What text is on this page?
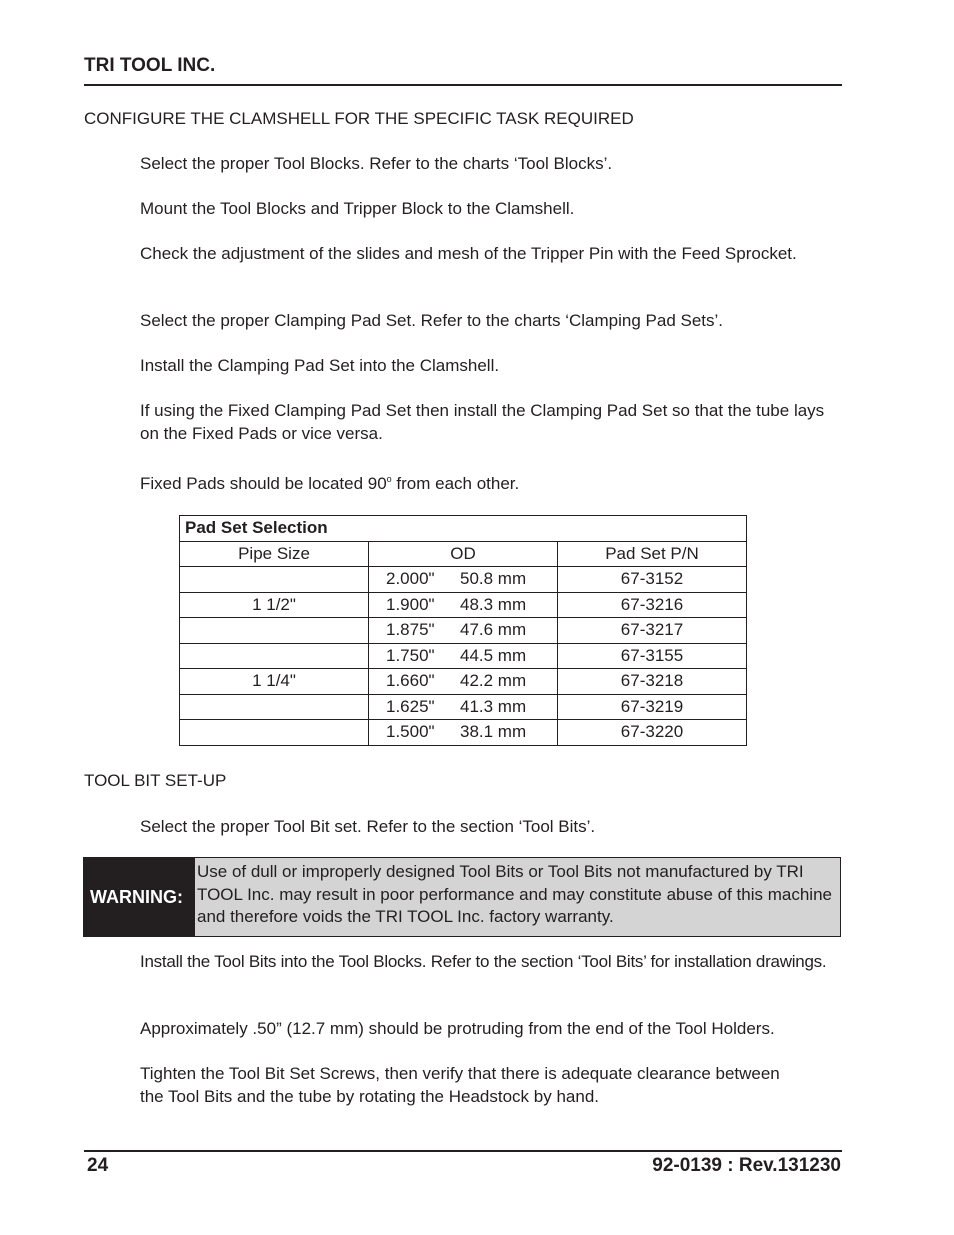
TRI TOOL INC.
CONFIGURE THE CLAMSHELL FOR THE SPECIFIC TASK REQUIRED
Select the proper Tool Blocks. Refer to the charts ‘Tool Blocks’.
Mount the Tool Blocks and Tripper Block to the Clamshell.
Check the adjustment of the slides and mesh of the Tripper Pin with the Feed Sprocket.
Select the proper Clamping Pad Set. Refer to the charts ‘Clamping Pad Sets’.
Install the Clamping Pad Set into the Clamshell.
If using the Fixed Clamping Pad Set then install the Clamping Pad Set so that the tube lays on the Fixed Pads or vice versa.
Fixed Pads should be located 90$^o$ from each other.
Pad Set Selection		
Pipe Size	OD	Pad Set P/N
	2.000" 50.8 mm	67-3152
1 1/2"	1.900" 48.3 mm	67-3216
	1.875" 47.6 mm	67-3217
	1.750" 44.5 mm	67-3155
1 1/4"	1.660" 42.2 mm	67-3218
	1.625" 41.3 mm	67-3219
	1.500" 38.1 mm	67-3220
TOOL BIT SET-UP
Select the proper Tool Bit set. Refer to the section ‘Tool Bits’.
WARNING:
Use of dull or improperly designed Tool Bits or Tool Bits not manufactured by TRI TOOL Inc. may result in poor performance and may constitute abuse of this machine and therefore voids the TRI TOOL Inc. factory warranty.
Install the Tool Bits into the Tool Blocks. Refer to the section ‘Tool Bits’ for installation drawings.
Approximately .50” (12.7 mm) should be protruding from the end of the Tool Holders.
Tighten the Tool Bit Set Screws, then verify that there is adequate clearance between the Tool Bits and the tube by rotating the Headstock by hand.
24	92-0139 : Rev.131230
